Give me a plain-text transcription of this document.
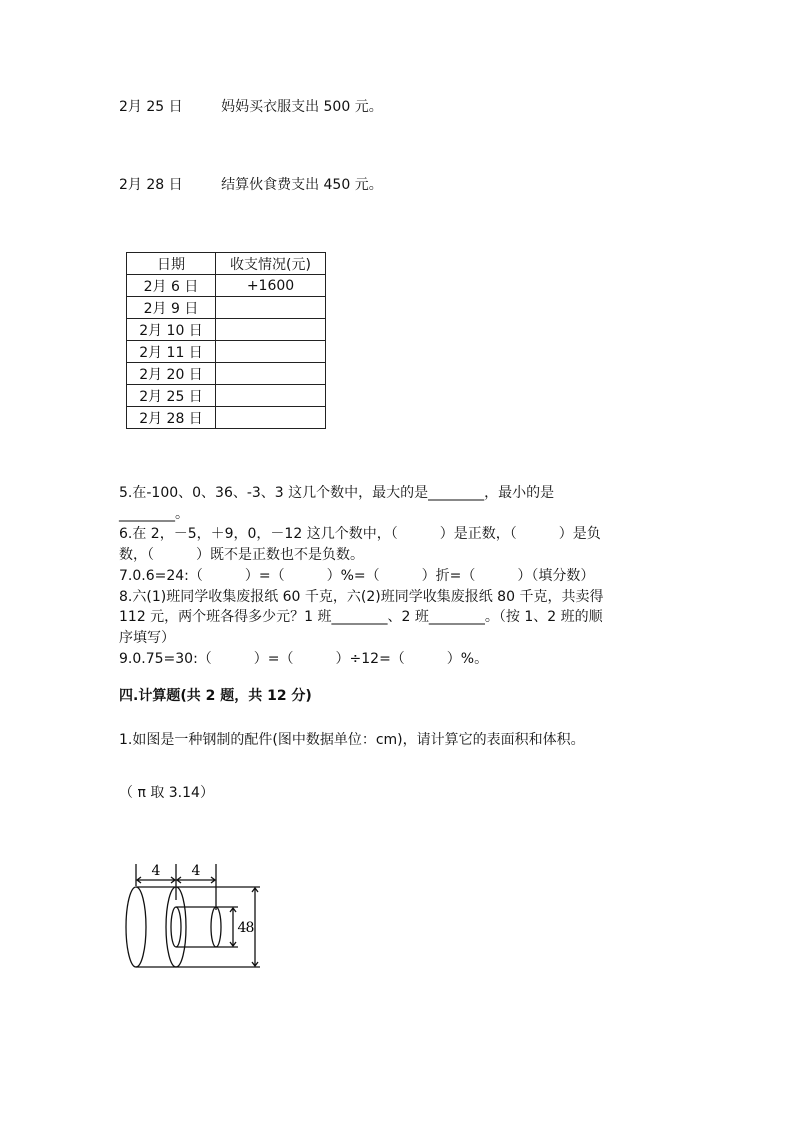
2月 25 日	妈妈买衣服支出 500 元。
2月 28 日	结算伙食费支出 450 元。
日期	收支情况(元)
2月 6 日	+1600
2月 9 日	
2月 10 日	
2月 11 日	
2月 20 日	
2月 25 日	
2月 28 日	
5.在-100、0、36、-3、3 这几个数中，最大的是________，最小的是
________。
6.在 2，－5，＋9，0，－12 这几个数中，（　　　）是正数，（　　　）是负
数，（　　　）既不是正数也不是负数。
7.0.6=24:（　　　）=（　　　）%=（　　　）折=（　　　）（填分数）
8.六(1)班同学收集废报纸 60 千克，六(2)班同学收集废报纸 80 千克，共卖得
112 元，两个班各得多少元？1 班________、2 班________。（按 1、2 班的顺
序填写）
9.0.75=30:（　　　）=（　　　）÷12=（　　　）%。
四.计算题(共 2 题，共 12 分)
1.如图是一种钢制的配件(图中数据单位：cm)，请计算它的表面积和体积。
（ π 取 3.14）
4 4
4 8
